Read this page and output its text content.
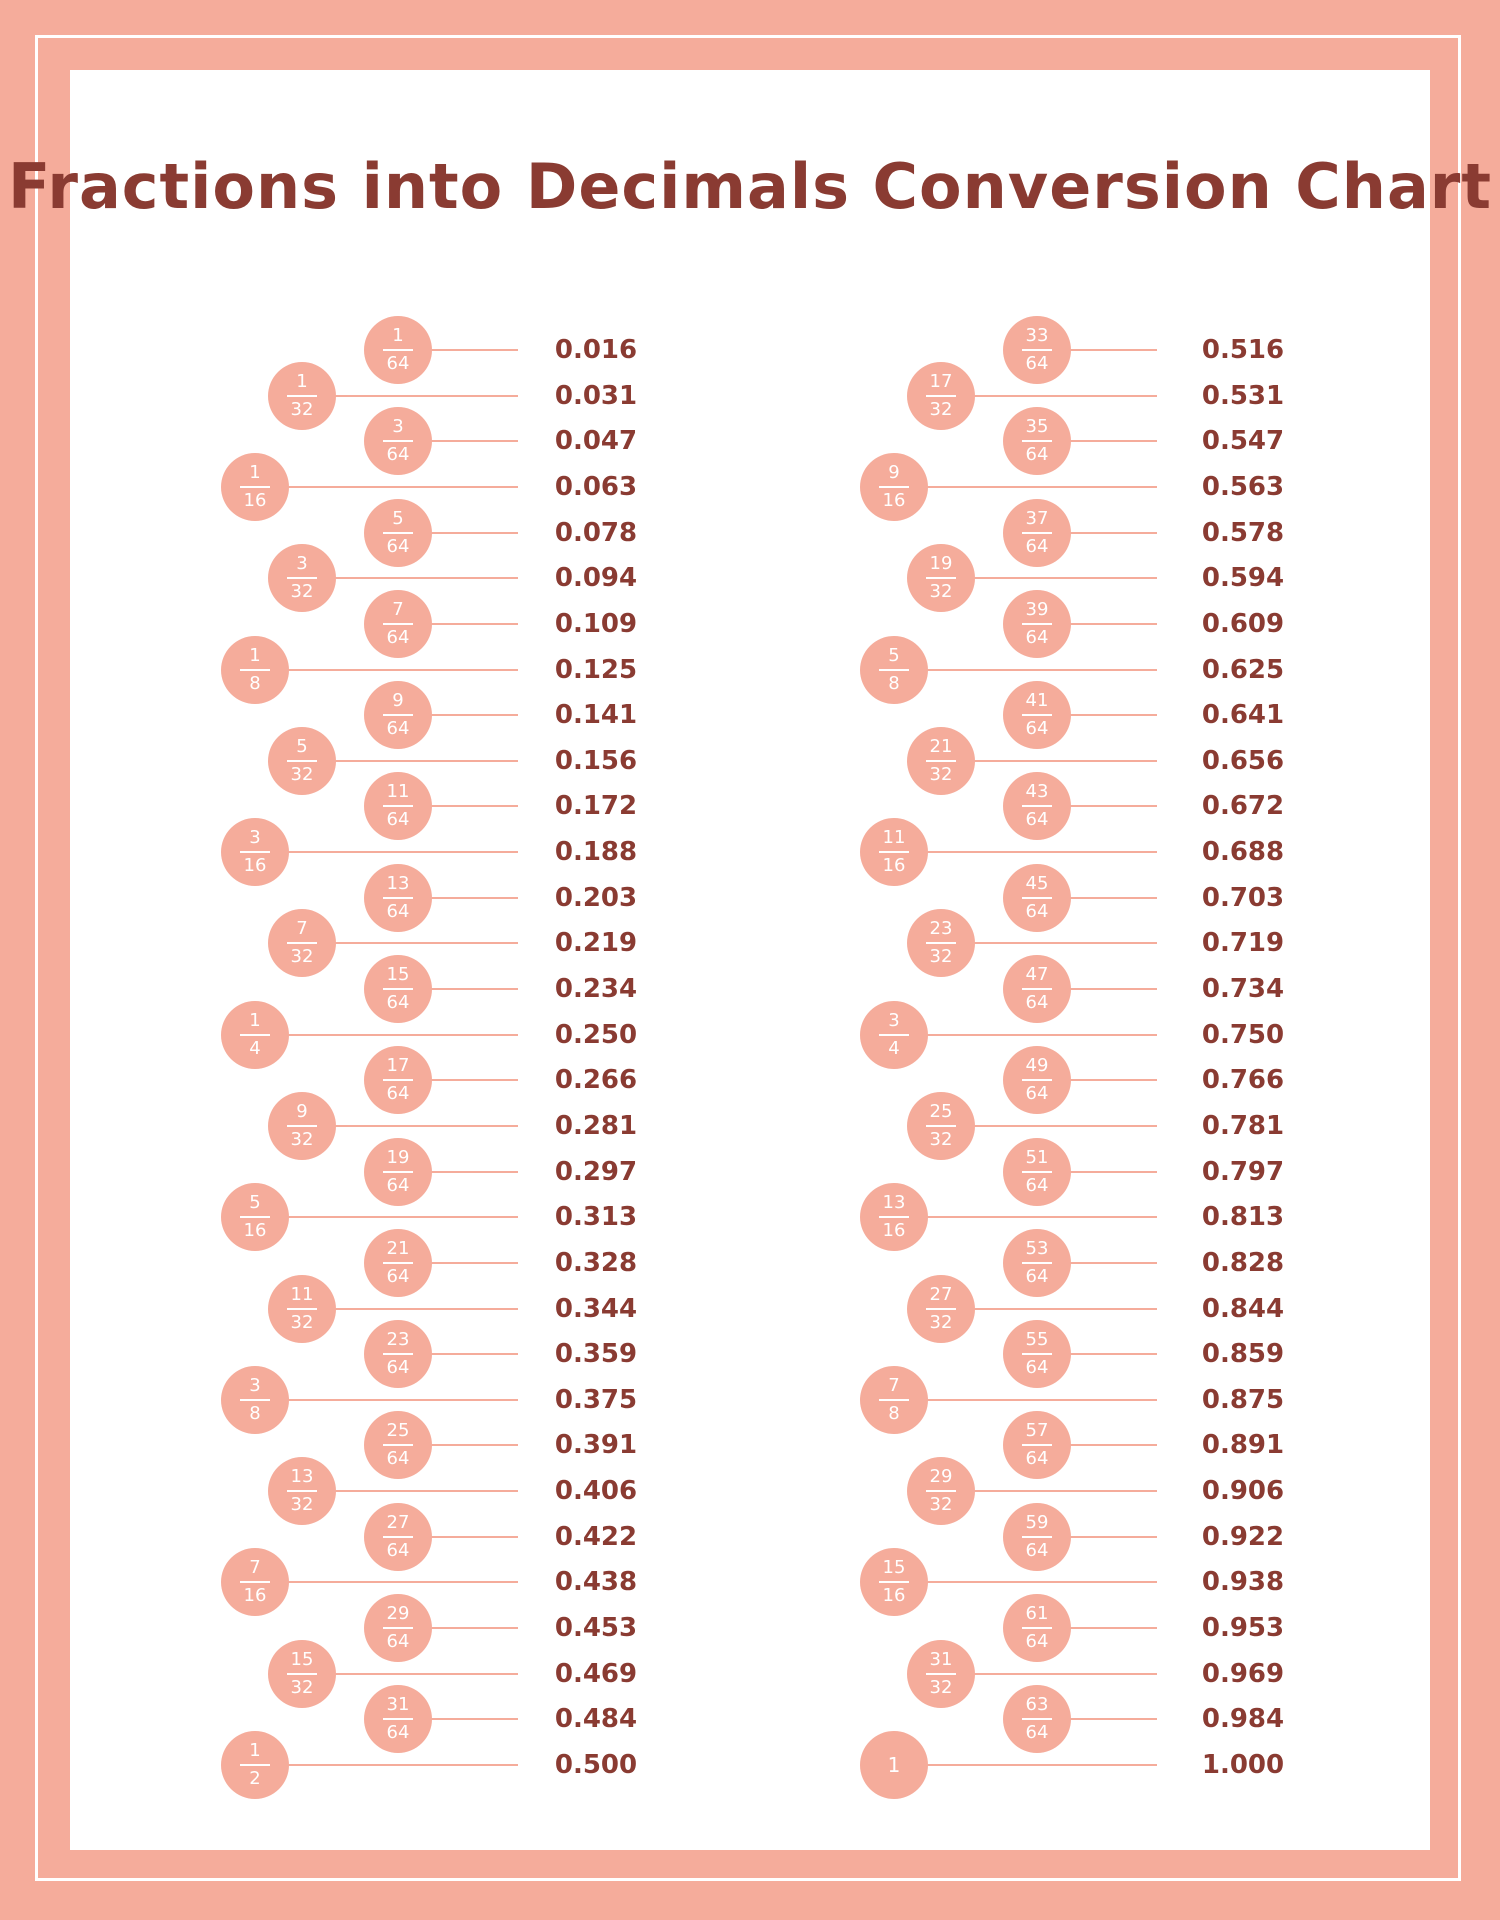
Fractions into Decimals Conversion Chart
1
64	0.016
1
32	0.031
3
64	0.047
1
16	0.063
5
64	0.078
3
32	0.094
7
64	0.109
1
8	0.125
9
64	0.141
5
32	0.156
11
64	0.172
3
16	0.188
13
64	0.203
7
32	0.219
15
64	0.234
1
4	0.250
17
64	0.266
9
32	0.281
19
64	0.297
5
16	0.313
21
64	0.328
11
32	0.344
23
64	0.359
3
8	0.375
25
64	0.391
13
32	0.406
27
64	0.422
7
16	0.438
29
64	0.453
15
32	0.469
31
64	0.484
1
2	0.500
33
64	0.516
17
32	0.531
35
64	0.547
9
16	0.563
37
64	0.578
19
32	0.594
39
64	0.609
5
8	0.625
41
64	0.641
21
32	0.656
43
64	0.672
11
16	0.688
45
64	0.703
23
32	0.719
47
64	0.734
3
4	0.750
49
64	0.766
25
32	0.781
51
64	0.797
13
16	0.813
53
64	0.828
27
32	0.844
55
64	0.859
7
8	0.875
57
64	0.891
29
32	0.906
59
64	0.922
15
16	0.938
61
64	0.953
31
32	0.969
63
64	0.984
1	1.000
